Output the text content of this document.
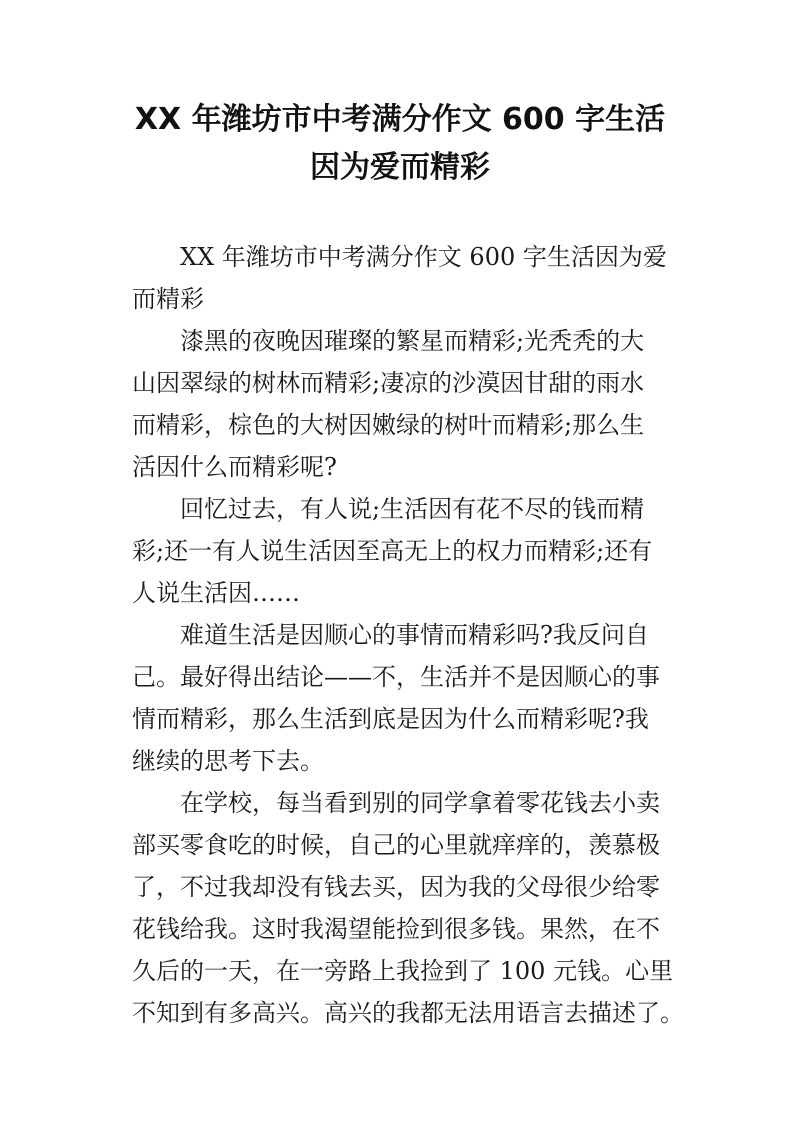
XX 年潍坊市中考满分作文 600 字生活
因为爱而精彩
XX 年潍坊市中考满分作文 600 字生活因为爱
而精彩
漆黑的夜晚因璀璨的繁星而精彩;光秃秃的大
山因翠绿的树林而精彩;凄凉的沙漠因甘甜的雨水
而精彩，棕色的大树因嫩绿的树叶而精彩;那么生
活因什么而精彩呢?
回忆过去，有人说;生活因有花不尽的钱而精
彩;还一有人说生活因至高无上的权力而精彩;还有
人说生活因……
难道生活是因顺心的事情而精彩吗?我反问自
己。最好得出结论——不，生活并不是因顺心的事
情而精彩，那么生活到底是因为什么而精彩呢?我
继续的思考下去。
在学校，每当看到别的同学拿着零花钱去小卖
部买零食吃的时候，自己的心里就痒痒的，羡慕极
了，不过我却没有钱去买，因为我的父母很少给零
花钱给我。这时我渴望能捡到很多钱。果然，在不
久后的一天，在一旁路上我捡到了 100 元钱。心里
不知到有多高兴。高兴的我都无法用语言去描述了。
